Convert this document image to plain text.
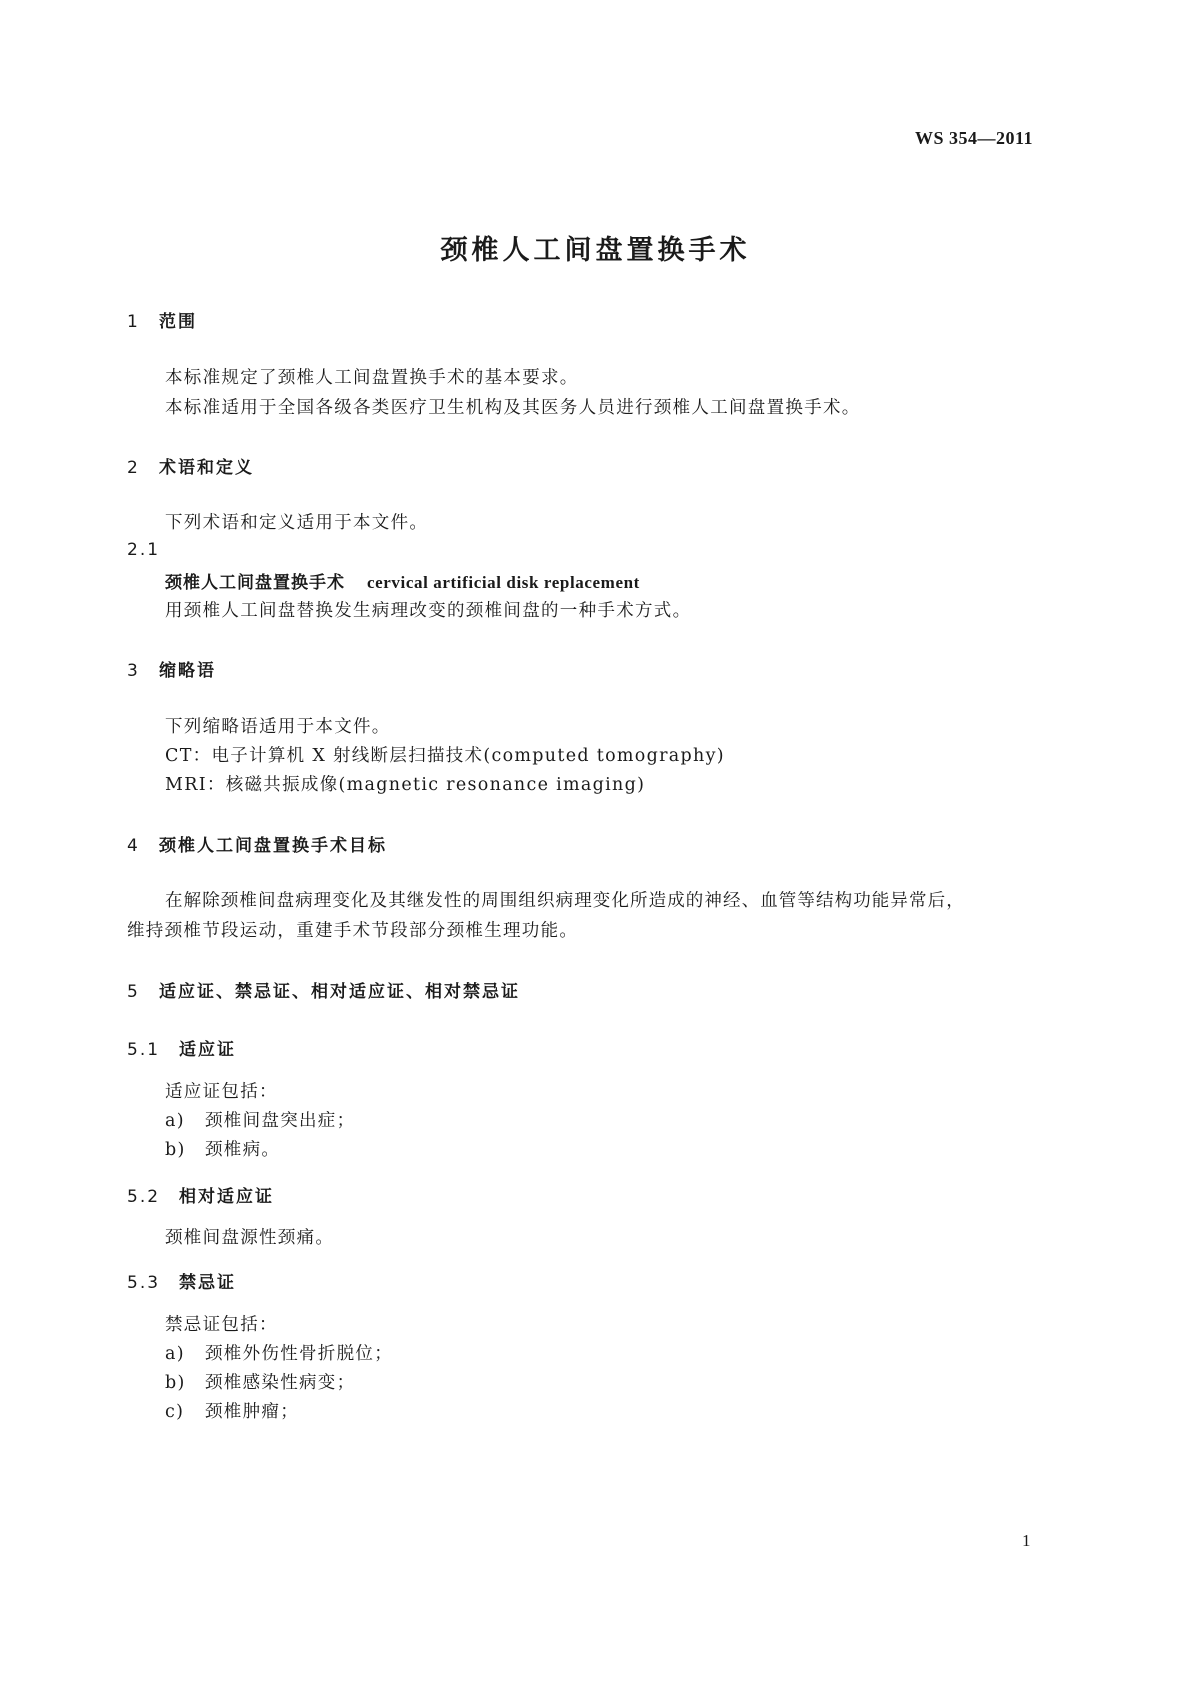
WS 354—2011
颈椎人工间盘置换手术
1 范围
本标准规定了颈椎人工间盘置换手术的基本要求。
本标准适用于全国各级各类医疗卫生机构及其医务人员进行颈椎人工间盘置换手术。
2 术语和定义
下列术语和定义适用于本文件。
2.1
颈椎人工间盘置换手术 cervical artificial disk replacement
用颈椎人工间盘替换发生病理改变的颈椎间盘的一种手术方式。
3 缩略语
下列缩略语适用于本文件。
CT：电子计算机 X 射线断层扫描技术(computed tomography)
MRI：核磁共振成像(magnetic resonance imaging)
4 颈椎人工间盘置换手术目标
在解除颈椎间盘病理变化及其继发性的周围组织病理变化所造成的神经、血管等结构功能异常后，
维持颈椎节段运动，重建手术节段部分颈椎生理功能。
5 适应证、禁忌证、相对适应证、相对禁忌证
5.1 适应证
适应证包括：
a) 颈椎间盘突出症；
b) 颈椎病。
5.2 相对适应证
颈椎间盘源性颈痛。
5.3 禁忌证
禁忌证包括：
a) 颈椎外伤性骨折脱位；
b) 颈椎感染性病变；
c) 颈椎肿瘤；
1
